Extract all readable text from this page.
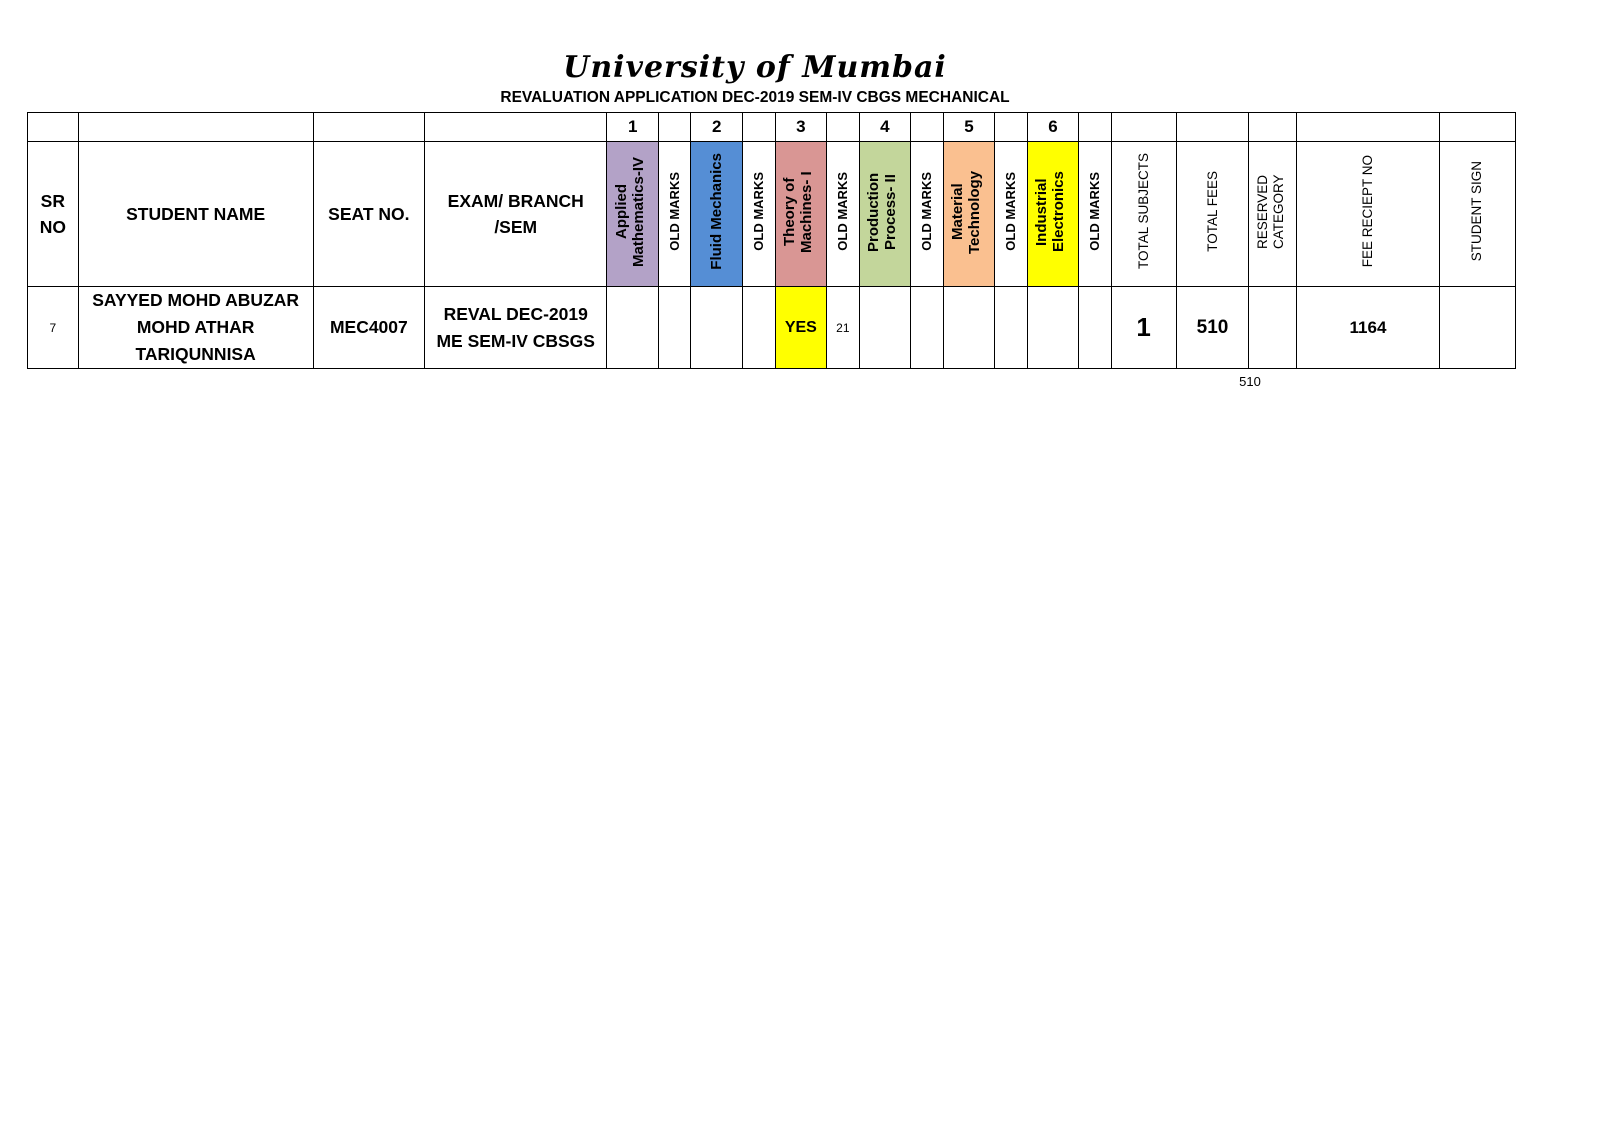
University of Mumbai
REVALUATION APPLICATION DEC-2019 SEM-IV CBGS MECHANICAL
				1		2		3		4		5		6						
SR NO	STUDENT NAME	SEAT NO.	EXAM/ BRANCH /SEM	Applied Mathematics-IV	OLD MARKS	Fluid Mechanics	OLD MARKS	Theory of Machines- I	OLD MARKS	Production Process- II	OLD MARKS	Material Technology	OLD MARKS	Industrial Electronics	OLD MARKS	TOTAL SUBJECTS	TOTAL FEES	RESERVED CATEGORY	FEE RECIEPT NO	STUDENT SIGN
7	SAYYED MOHD ABUZAR MOHD ATHAR TARIQUNNISA	MEC4007	REVAL DEC-2019 ME SEM-IV CBSGS					YES	21							1	510		1164	
510
